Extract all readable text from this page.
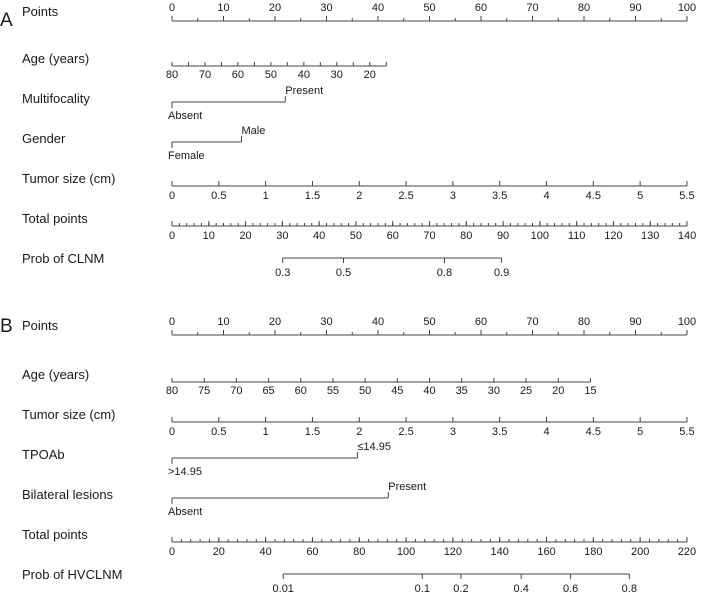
A Points	0	10	20	30	40	50	60	70	80	90	100
Age (years)
80 70 60 50 40 30 20
Multifocality
Absent
Present
Gender
Female
Male
Tumor size (cm)
0	0.5	1	1.5	2	2.5	3	3.5	4	4.5	5	5.5
Total points
0	10 20 30 40 50 60 70 80 90 100 110 120 130 140
Prob of CLNM
0.3	0.5	0.8	0.9
B Points	0	10	20	30	40	50	60	70	80	90	100
Age (years)
80 75 70 65 60 55 50 45 40 35 30 25 20 15
Tumor size (cm)
0	0.5	1	1.5	2	2.5	3	3.5	4	4.5	5	5.5
TPOAb
>14.95
≤14.95
Bilateral lesions
Absent
Present
Total points
0	20	40	60	80	100	120	140	160	180	200	220
Prob of HVCLNM
0.01	0.1 0.2	0.4	0.6	0.8
